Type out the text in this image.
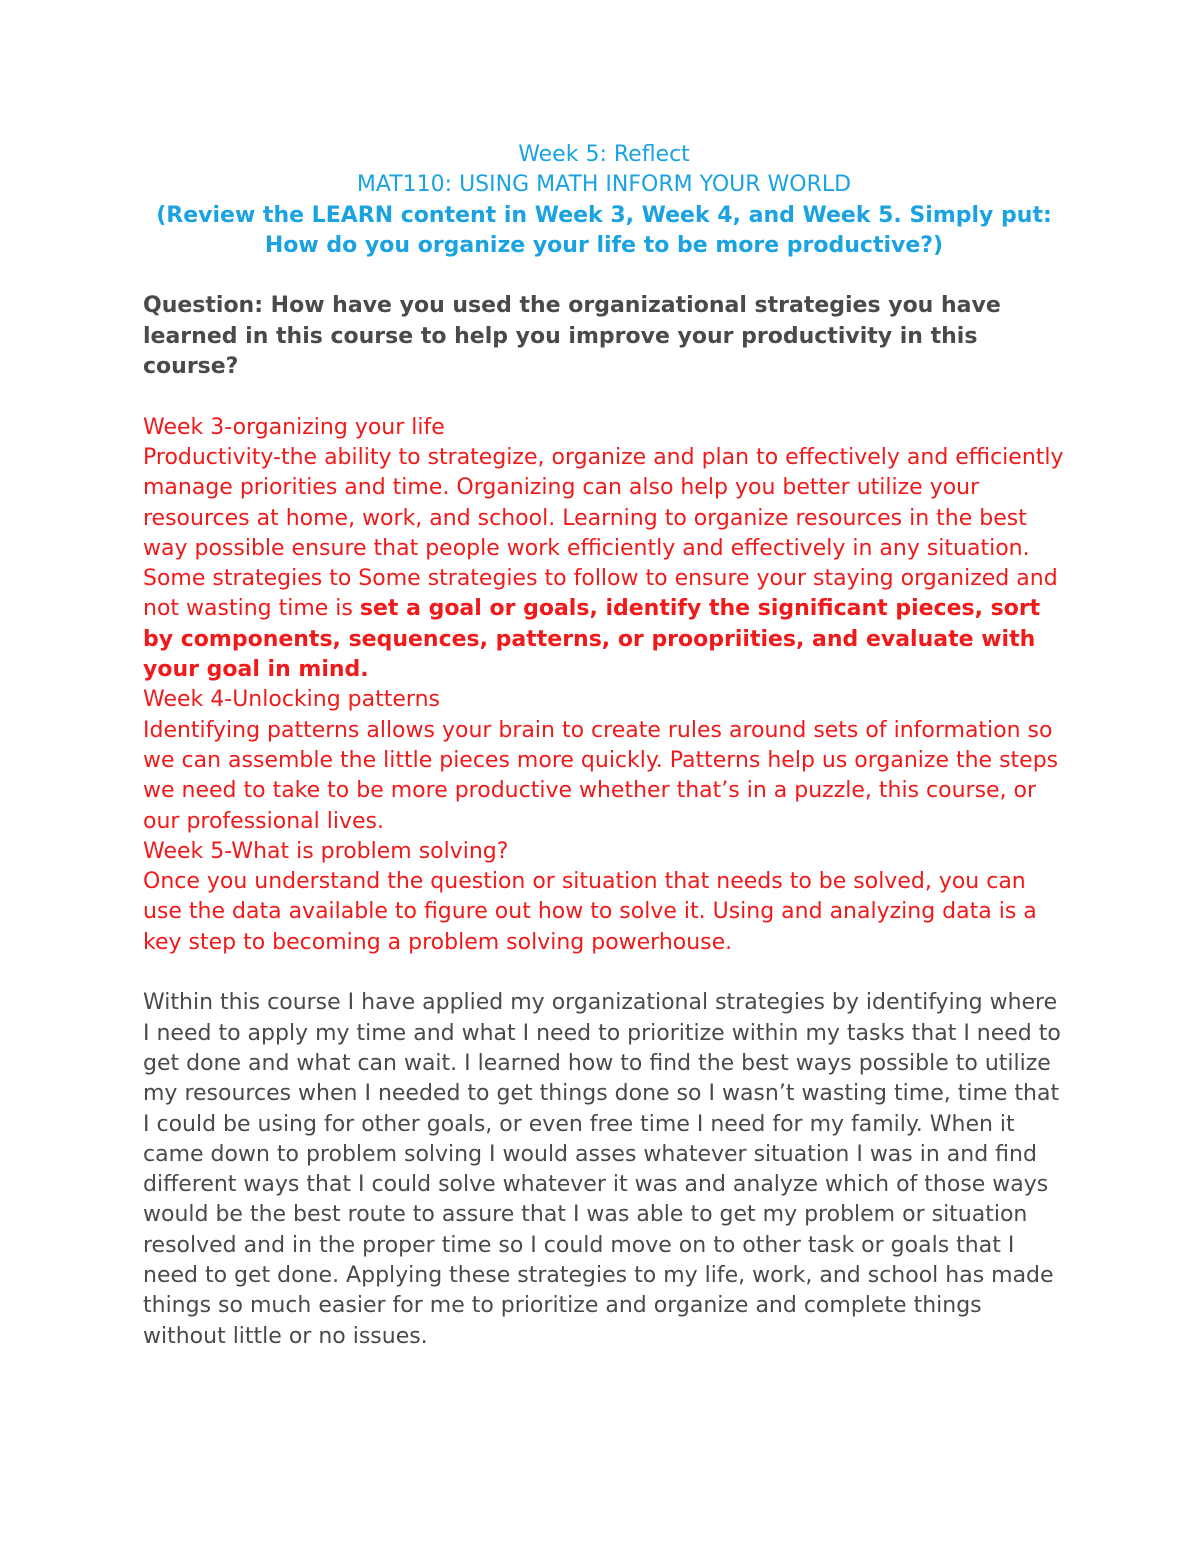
Week 5: Reflect

MAT110: USING MATH INFORM YOUR WORLD

(Review the LEARN content in Week 3, Week 4, and Week 5. Simply put: How do you organize your life to be more productive?)

Question: How have you used the organizational strategies you have learned in this course to help you improve your productivity in this course?

Week 3-organizing your life

Productivity-the ability to strategize, organize and plan to effectively and efficiently manage priorities and time. Organizing can also help you better utilize your resources at home, work, and school. Learning to organize resources in the best way possible ensure that people work efficiently and effectively in any situation. Some strategies to Some strategies to follow to ensure your staying organized and not wasting time is set a goal or goals, identify the significant pieces, sort by components, sequences, patterns, or proopriities, and evaluate with your goal in mind.

Week 4-Unlocking patterns

Identifying patterns allows your brain to create rules around sets of information so we can assemble the little pieces more quickly. Patterns help us organize the steps we need to take to be more productive whether that’s in a puzzle, this course, or our professional lives.

Week 5-What is problem solving?

Once you understand the question or situation that needs to be solved, you can use the data available to figure out how to solve it. Using and analyzing data is a key step to becoming a problem solving powerhouse.

Within this course I have applied my organizational strategies by identifying where I need to apply my time and what I need to prioritize within my tasks that I need to get done and what can wait. I learned how to find the best ways possible to utilize my resources when I needed to get things done so I wasn’t wasting time, time that I could be using for other goals, or even free time I need for my family. When it came down to problem solving I would asses whatever situation I was in and find different ways that I could solve whatever it was and analyze which of those ways would be the best route to assure that I was able to get my problem or situation resolved and in the proper time so I could move on to other task or goals that I need to get done. Applying these strategies to my life, work, and school has made things so much easier for me to prioritize and organize and complete things without little or no issues.
